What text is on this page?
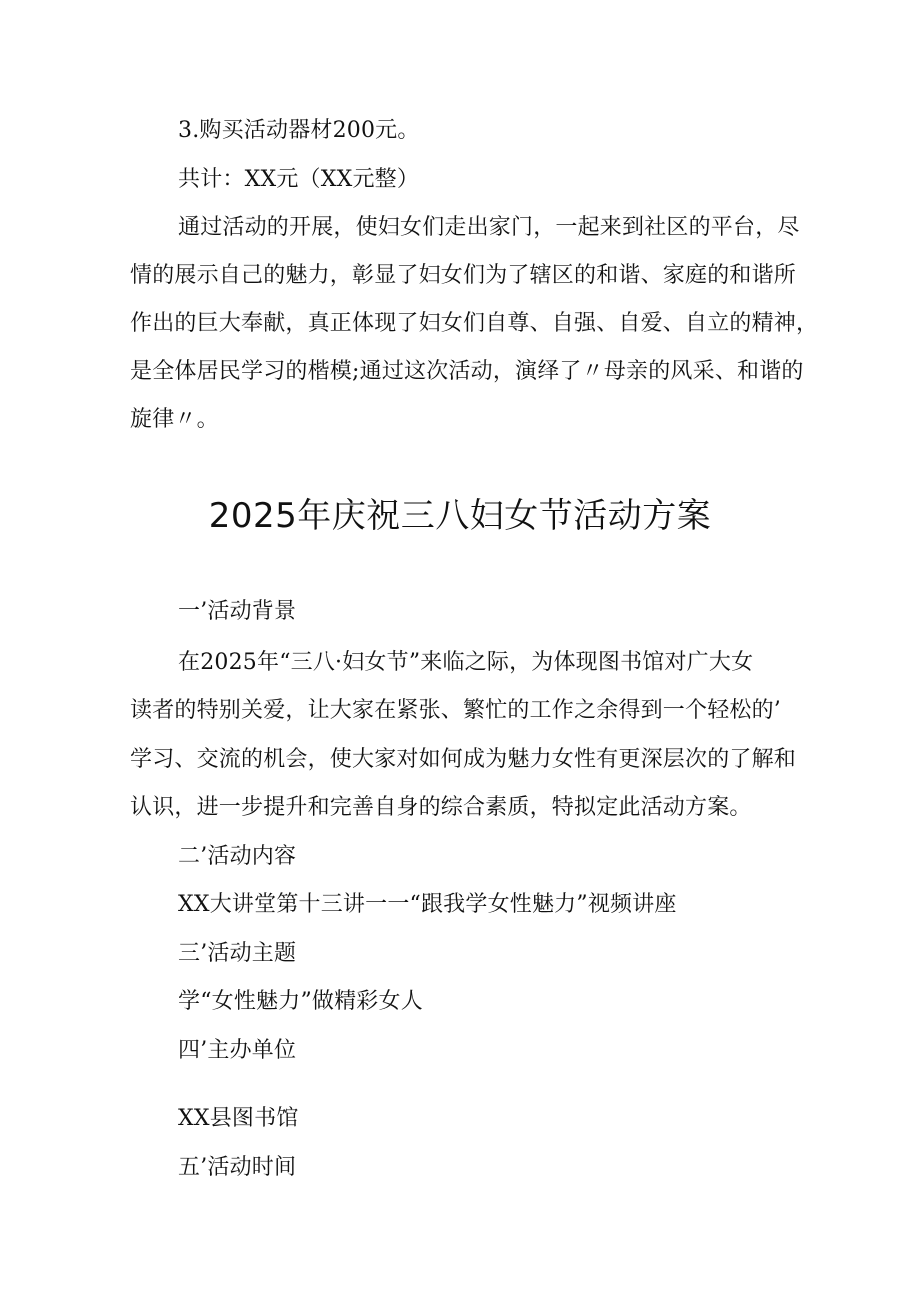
3.购买活动器材200元。
共计：XX元（XX元整）
通过活动的开展，使妇女们走出家门，一起来到社区的平台，尽
情的展示自己的魅力，彰显了妇女们为了辖区的和谐、家庭的和谐所
作出的巨大奉献，真正体现了妇女们自尊、自强、自爱、自立的精神，
是全体居民学习的楷模;通过这次活动，演绎了〃母亲的风采、和谐的
旋律〃。
2025年庆祝三八妇女节活动方案
一’活动背景
在2025年“三八·妇女节”来临之际，为体现图书馆对广大女
读者的特别关爱，让大家在紧张、繁忙的工作之余得到一个轻松的’
学习、交流的机会，使大家对如何成为魅力女性有更深层次的了解和
认识，进一步提升和完善自身的综合素质，特拟定此活动方案。
二’活动内容
XX大讲堂第十三讲一一“跟我学女性魅力”视频讲座
三’活动主题
学“女性魅力”做精彩女人
四’主办单位
XX县图书馆
五’活动时间
